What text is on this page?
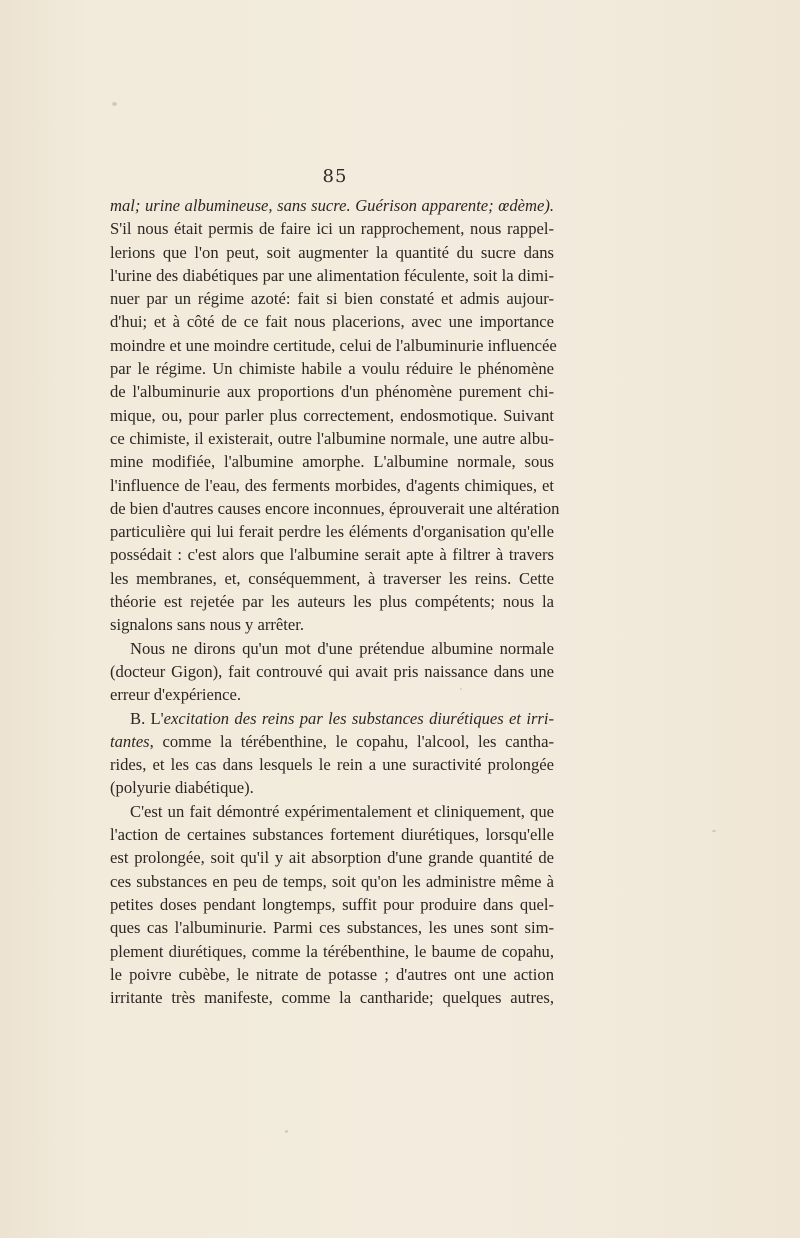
85
mal; urine albumineuse, sans sucre. Guérison apparente; œdème).
S'il nous était permis de faire ici un rapprochement, nous rappel-
lerions que l'on peut, soit augmenter la quantité du sucre dans
l'urine des diabétiques par une alimentation féculente, soit la dimi-
nuer par un régime azoté: fait si bien constaté et admis aujour-
d'hui; et à côté de ce fait nous placerions, avec une importance
moindre et une moindre certitude, celui de l'albuminurie influencée
par le régime. Un chimiste habile a voulu réduire le phénomène
de l'albuminurie aux proportions d'un phénomène purement chi-
mique, ou, pour parler plus correctement, endosmotique. Suivant
ce chimiste, il existerait, outre l'albumine normale, une autre albu-
mine modifiée, l'albumine amorphe. L'albumine normale, sous
l'influence de l'eau, des ferments morbides, d'agents chimiques, et
de bien d'autres causes encore inconnues, éprouverait une altération
particulière qui lui ferait perdre les éléments d'organisation qu'elle
possédait : c'est alors que l'albumine serait apte à filtrer à travers
les membranes, et, conséquemment, à traverser les reins. Cette
théorie est rejetée par les auteurs les plus compétents; nous la
signalons sans nous y arrêter.
Nous ne dirons qu'un mot d'une prétendue albumine normale
(docteur Gigon), fait controuvé qui avait pris naissance dans une
erreur d'expérience.
B. L'excitation des reins par les substances diurétiques et irri-
tantes, comme la térébenthine, le copahu, l'alcool, les cantha-
rides, et les cas dans lesquels le rein a une suractivité prolongée
(polyurie diabétique).
C'est un fait démontré expérimentalement et cliniquement, que
l'action de certaines substances fortement diurétiques, lorsqu'elle
est prolongée, soit qu'il y ait absorption d'une grande quantité de
ces substances en peu de temps, soit qu'on les administre même à
petites doses pendant longtemps, suffit pour produire dans quel-
ques cas l'albuminurie. Parmi ces substances, les unes sont sim-
plement diurétiques, comme la térébenthine, le baume de copahu,
le poivre cubèbe, le nitrate de potasse ; d'autres ont une action
irritante très manifeste, comme la cantharide; quelques autres,
